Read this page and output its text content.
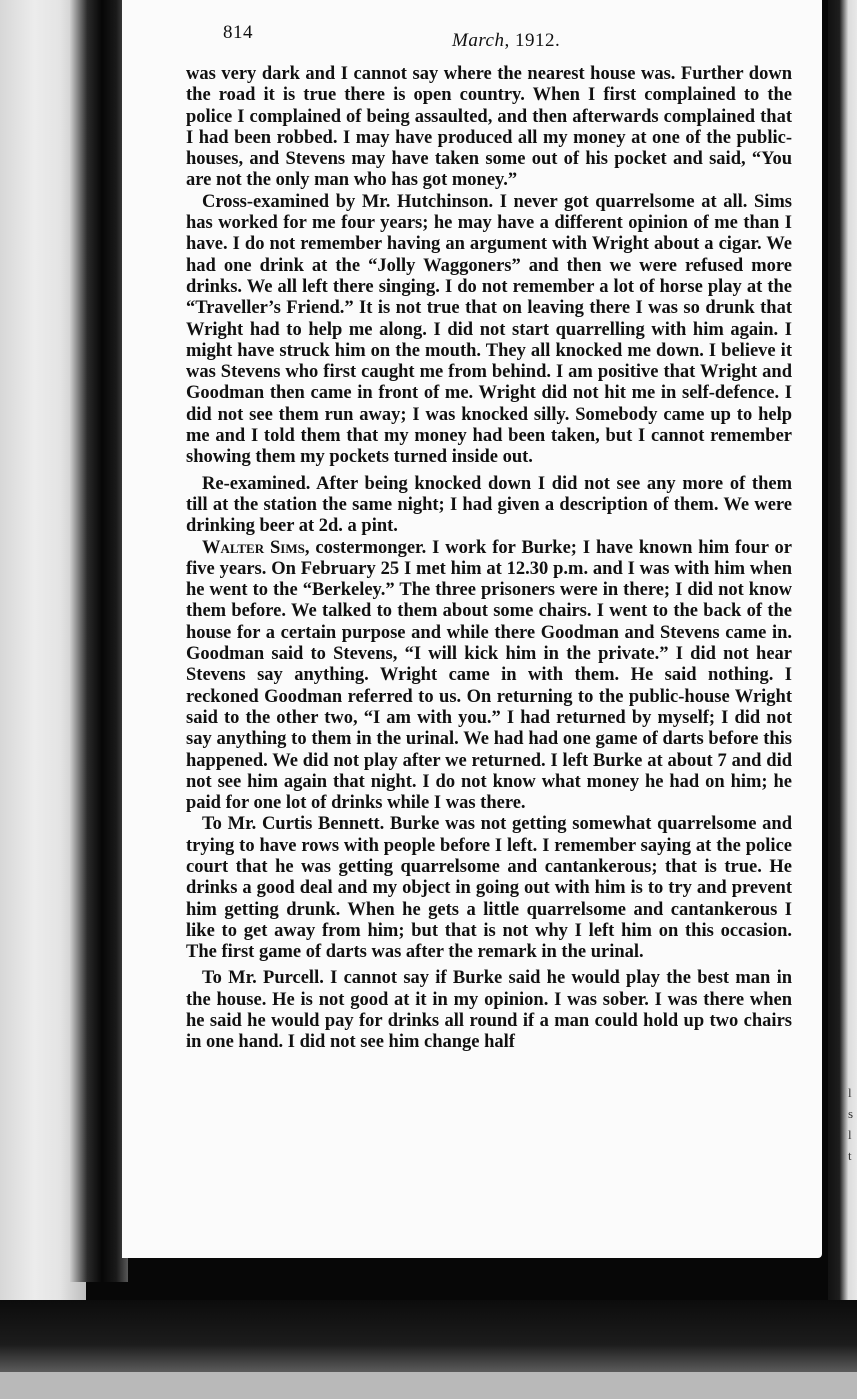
814	March, 1912.

was very dark and I cannot say where the nearest house was. Further down the road it is true there is open country. When I first complained to the police I complained of being assaulted, and then afterwards complained that I had been robbed. I may have produced all my money at one of the public-houses, and Stevens may have taken some out of his pocket and said, “You are not the only man who has got money.”

Cross-examined by Mr. Hutchinson. I never got quarrelsome at all. Sims has worked for me four years; he may have a different opinion of me than I have. I do not remember having an argument with Wright about a cigar. We had one drink at the “Jolly Waggoners” and then we were refused more drinks. We all left there singing. I do not remember a lot of horse play at the “Traveller’s Friend.” It is not true that on leaving there I was so drunk that Wright had to help me along. I did not start quarrelling with him again. I might have struck him on the mouth. They all knocked me down. I believe it was Stevens who first caught me from behind. I am positive that Wright and Goodman then came in front of me. Wright did not hit me in self-defence. I did not see them run away; I was knocked silly. Somebody came up to help me and I told them that my money had been taken, but I cannot remember showing them my pockets turned inside out.

Re-examined. After being knocked down I did not see any more of them till at the station the same night; I had given a description of them. We were drinking beer at 2d. a pint.

Walter Sims, costermonger. I work for Burke; I have known him four or five years. On February 25 I met him at 12.30 p.m. and I was with him when he went to the “Berkeley.” The three prisoners were in there; I did not know them before. We talked to them about some chairs. I went to the back of the house for a certain purpose and while there Goodman and Stevens came in. Goodman said to Stevens, “I will kick him in the private.” I did not hear Stevens say anything. Wright came in with them. He said nothing. I reckoned Goodman referred to us. On returning to the public-house Wright said to the other two, “I am with you.” I had returned by myself; I did not say anything to them in the urinal. We had had one game of darts before this happened. We did not play after we returned. I left Burke at about 7 and did not see him again that night. I do not know what money he had on him; he paid for one lot of drinks while I was there.

To Mr. Curtis Bennett. Burke was not getting somewhat quarrelsome and trying to have rows with people before I left. I remember saying at the police court that he was getting quarrelsome and cantankerous; that is true. He drinks a good deal and my object in going out with him is to try and prevent him getting drunk. When he gets a little quarrelsome and cantankerous I like to get away from him; but that is not why I left him on this occasion. The first game of darts was after the remark in the urinal.

To Mr. Purcell. I cannot say if Burke said he would play the best man in the house. He is not good at it in my opinion. I was sober. I was there when he said he would pay for drinks all round if a man could hold up two chairs in one hand. I did not see him change half

l s l t
